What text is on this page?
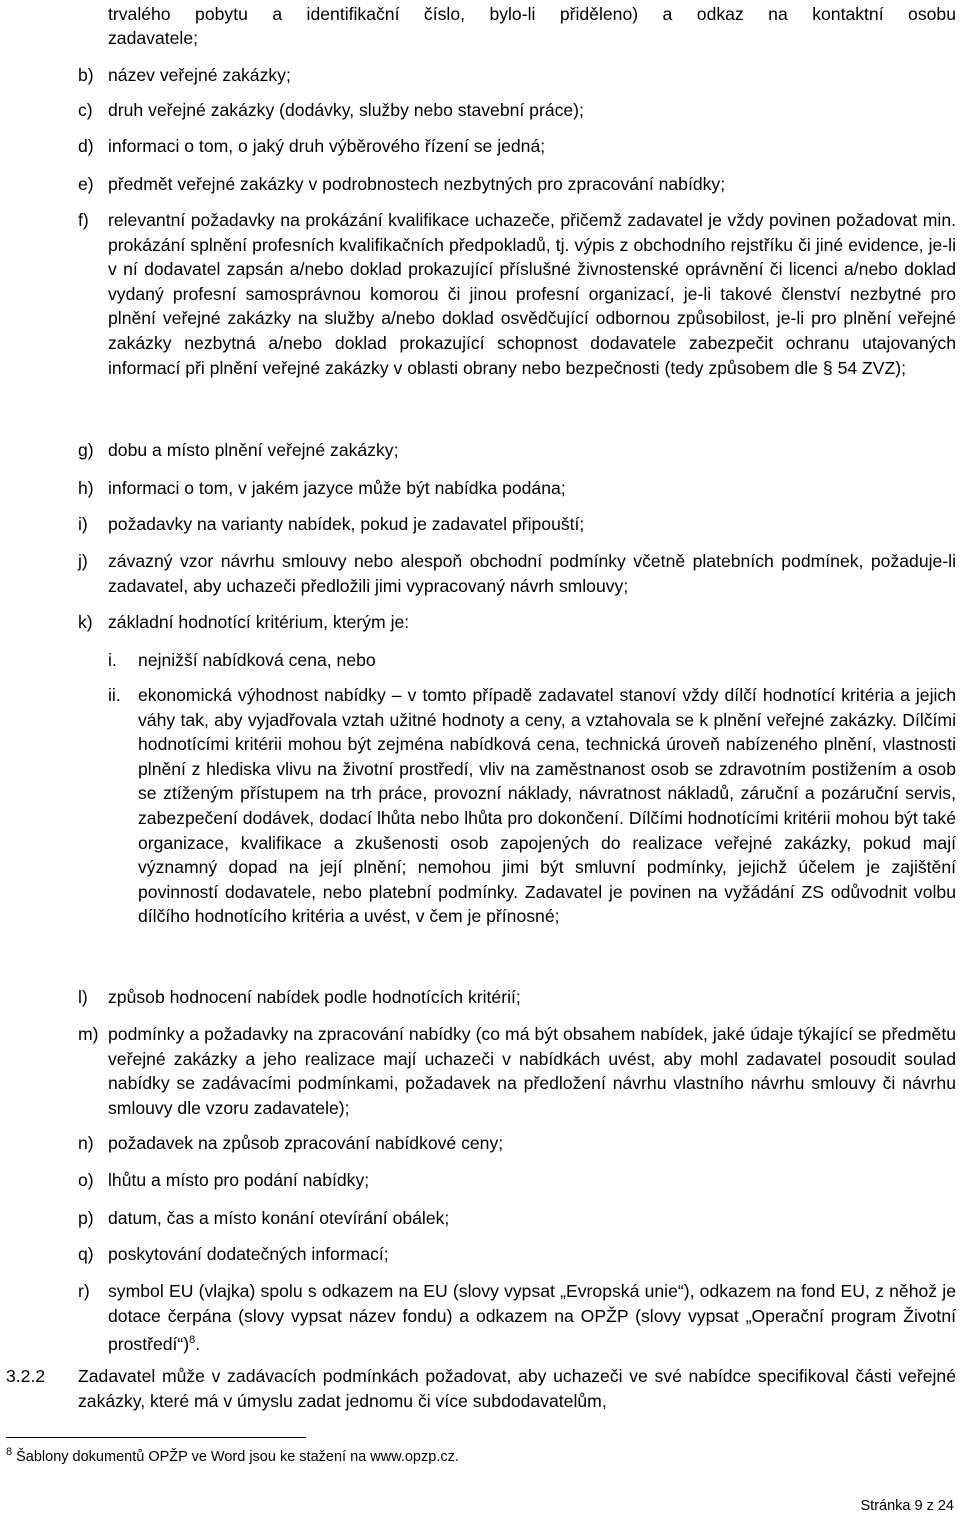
trvalého pobytu a identifikační číslo, bylo-li přiděleno) a odkaz na kontaktní osobu
zadavatele;
b) název veřejné zakázky;
c) druh veřejné zakázky (dodávky, služby nebo stavební práce);
d) informaci o tom, o jaký druh výběrového řízení se jedná;
e) předmět veřejné zakázky v podrobnostech nezbytných pro zpracování nabídky;
f) relevantní požadavky na prokázání kvalifikace uchazeče, přičemž zadavatel je vždy povinen požadovat min. prokázání splnění profesních kvalifikačních předpokladů, tj. výpis z obchodního rejstříku či jiné evidence, je-li v ní dodavatel zapsán a/nebo doklad prokazující příslušné živnostenské oprávnění či licenci a/nebo doklad vydaný profesní samosprávnou komorou či jinou profesní organizací, je-li takové členství nezbytné pro plnění veřejné zakázky na služby a/nebo doklad osvědčující odbornou způsobilost, je-li pro plnění veřejné zakázky nezbytná a/nebo doklad prokazující schopnost dodavatele zabezpečit ochranu utajovaných informací při plnění veřejné zakázky v oblasti obrany nebo bezpečnosti (tedy způsobem dle § 54 ZVZ);
g) dobu a místo plnění veřejné zakázky;
h) informaci o tom, v jakém jazyce může být nabídka podána;
i) požadavky na varianty nabídek, pokud je zadavatel připouští;
j) závazný vzor návrhu smlouvy nebo alespoň obchodní podmínky včetně platebních podmínek, požaduje-li zadavatel, aby uchazeči předložili jimi vypracovaný návrh smlouvy;
k) základní hodnotící kritérium, kterým je:
i. nejnižší nabídková cena, nebo
ii. ekonomická výhodnost nabídky – v tomto případě zadavatel stanoví vždy dílčí hodnotící kritéria a jejich váhy tak, aby vyjadřovala vztah užitné hodnoty a ceny, a vztahovala se k plnění veřejné zakázky. Dílčími hodnotícími kritérii mohou být zejména nabídková cena, technická úroveň nabízeného plnění, vlastnosti plnění z hlediska vlivu na životní prostředí, vliv na zaměstnanost osob se zdravotním postižením a osob se ztíženým přístupem na trh práce, provozní náklady, návratnost nákladů, záruční a pozáruční servis, zabezpečení dodávek, dodací lhůta nebo lhůta pro dokončení. Dílčími hodnotícími kritérii mohou být také organizace, kvalifikace a zkušenosti osob zapojených do realizace veřejné zakázky, pokud mají významný dopad na její plnění; nemohou jimi být smluvní podmínky, jejichž účelem je zajištění povinností dodavatele, nebo platební podmínky. Zadavatel je povinen na vyžádání ZS odůvodnit volbu dílčího hodnotícího kritéria a uvést, v čem je přínosné;
l) způsob hodnocení nabídek podle hodnotících kritérií;
m) podmínky a požadavky na zpracování nabídky (co má být obsahem nabídek, jaké údaje týkající se předmětu veřejné zakázky a jeho realizace mají uchazeči v nabídkách uvést, aby mohl zadavatel posoudit soulad nabídky se zadávacími podmínkami, požadavek na předložení návrhu vlastního návrhu smlouvy či návrhu smlouvy dle vzoru zadavatele);
n) požadavek na způsob zpracování nabídkové ceny;
o) lhůtu a místo pro podání nabídky;
p) datum, čas a místo konání otevírání obálek;
q) poskytování dodatečných informací;
r) symbol EU (vlajka) spolu s odkazem na EU (slovy vypsat „Evropská unie“), odkazem na fond EU, z něhož je dotace čerpána (slovy vypsat název fondu) a odkazem na OPŽP (slovy vypsat „Operační program Životní prostředí“)$^8$.
3.2.2 Zadavatel může v zadávacích podmínkách požadovat, aby uchazeči ve své nabídce specifikoval části veřejné zakázky, které má v úmyslu zadat jednomu či více subdodavatelům,
$^8$ Šablony dokumentů OPŽP ve Word jsou ke stažení na www.opzp.cz.
Stránka 9 z 24
